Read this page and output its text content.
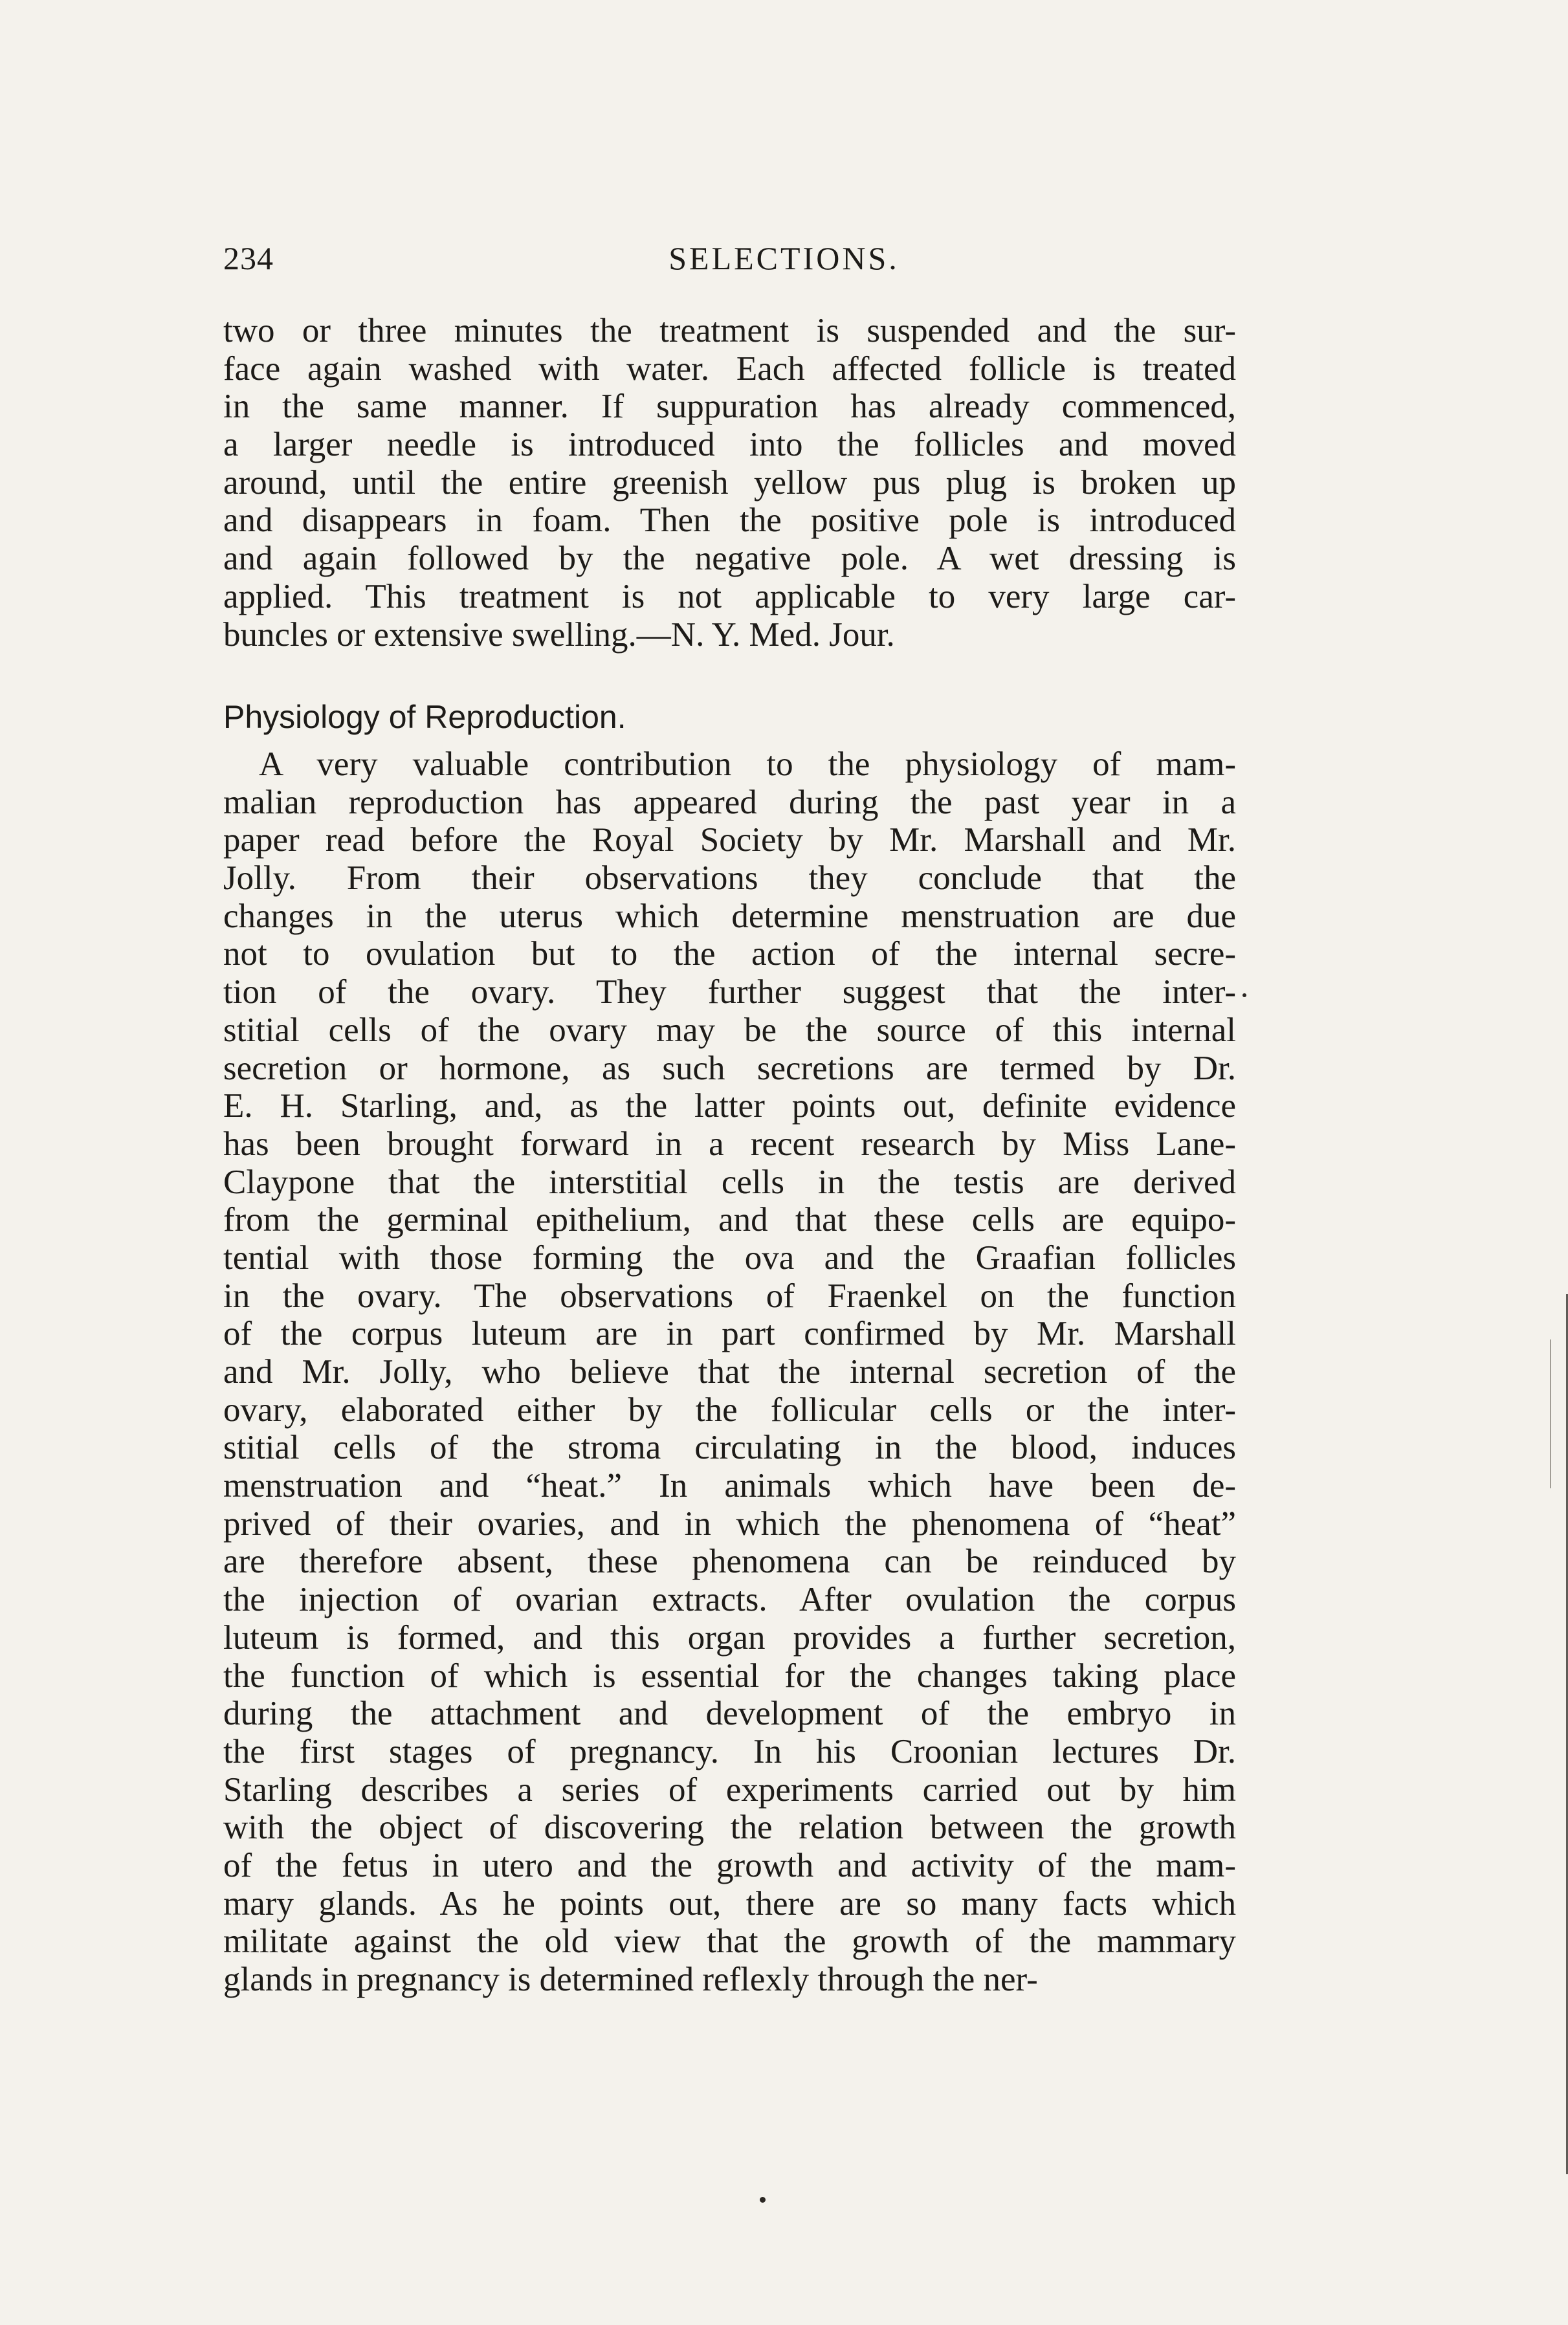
234	SELECTIONS.
two or three minutes the treatment is suspended and the sur-
face again washed with water. Each affected follicle is treated
in the same manner. If suppuration has already commenced,
a larger needle is introduced into the follicles and moved
around, until the entire greenish yellow pus plug is broken up
and disappears in foam. Then the positive pole is introduced
and again followed by the negative pole. A wet dressing is
applied. This treatment is not applicable to very large car-
buncles or extensive swelling.—N. Y. Med. Jour.
Physiology of Reproduction.
A very valuable contribution to the physiology of mam-
malian reproduction has appeared during the past year in a
paper read before the Royal Society by Mr. Marshall and Mr.
Jolly. From their observations they conclude that the
changes in the uterus which determine menstruation are due
not to ovulation but to the action of the internal secre-
tion of the ovary. They further suggest that the inter-
stitial cells of the ovary may be the source of this internal
secretion or hormone, as such secretions are termed by Dr.
E. H. Starling, and, as the latter points out, definite evidence
has been brought forward in a recent research by Miss Lane-
Claypone that the interstitial cells in the testis are derived
from the germinal epithelium, and that these cells are equipo-
tential with those forming the ova and the Graafian follicles
in the ovary. The observations of Fraenkel on the function
of the corpus luteum are in part confirmed by Mr. Marshall
and Mr. Jolly, who believe that the internal secretion of the
ovary, elaborated either by the follicular cells or the inter-
stitial cells of the stroma circulating in the blood, induces
menstruation and “heat.” In animals which have been de-
prived of their ovaries, and in which the phenomena of “heat”
are therefore absent, these phenomena can be reinduced by
the injection of ovarian extracts. After ovulation the corpus
luteum is formed, and this organ provides a further secretion,
the function of which is essential for the changes taking place
during the attachment and development of the embryo in
the first stages of pregnancy. In his Croonian lectures Dr.
Starling describes a series of experiments carried out by him
with the object of discovering the relation between the growth
of the fetus in utero and the growth and activity of the mam-
mary glands. As he points out, there are so many facts which
militate against the old view that the growth of the mammary
glands in pregnancy is determined reflexly through the ner-
